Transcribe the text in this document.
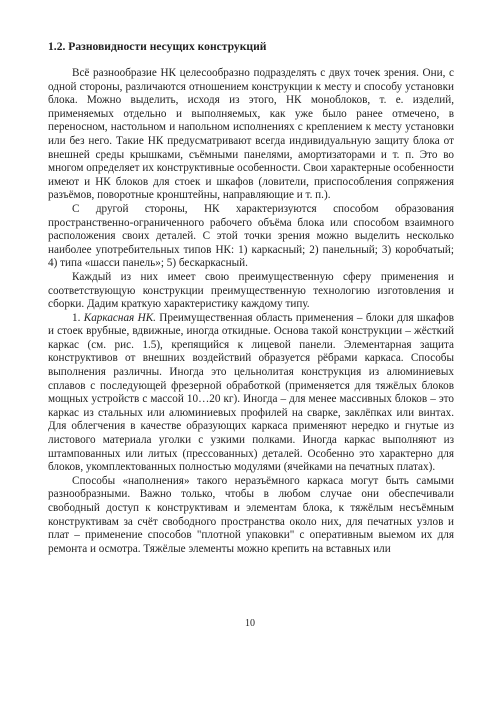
1.2. Разновидности несущих конструкций

Всё разнообразие НК целесообразно подразделять с двух точек зрения. Они, с одной стороны, различаются отношением конструкции к месту и способу установки блока. Можно выделить, исходя из этого, НК моноблоков, т. е. изделий, применяемых отдельно и выполняемых, как уже было ранее отмечено, в переносном, настольном и напольном исполнениях с креплением к месту установки или без него. Такие НК предусматривают всегда индивидуальную защиту блока от внешней среды крышками, съёмными панелями, амортизаторами и т. п. Это во многом определяет их конструктивные особенности. Свои характерные особенности имеют и НК блоков для стоек и шкафов (ловители, приспособления сопряжения разъёмов, поворотные кронштейны, направляющие и т. п.).

С другой стороны, НК характеризуются способом образования пространственно-ограниченного рабочего объёма блока или способом взаимного расположения своих деталей. С этой точки зрения можно выделить несколько наиболее употребительных типов НК: 1) каркасный; 2) панельный; 3) коробчатый; 4) типа «шасси панель»; 5) бескаркасный.

Каждый из них имеет свою преимущественную сферу применения и соответствующую конструкции преимущественную технологию изготовления и сборки. Дадим краткую характеристику каждому типу.

1. Каркасная НК. Преимущественная область применения – блоки для шкафов и стоек врубные, вдвижные, иногда откидные. Основа такой конструкции – жёсткий каркас (см. рис. 1.5), крепящийся к лицевой панели. Элементарная защита конструктивов от внешних воздействий образуется рёбрами каркаса. Способы выполнения различны. Иногда это цельнолитая конструкция из алюминиевых сплавов с последующей фрезерной обработкой (применяется для тяжёлых блоков мощных устройств с массой 10…20 кг). Иногда – для менее массивных блоков – это каркас из стальных или алюминиевых профилей на сварке, заклёпках или винтах. Для облегчения в качестве образующих каркаса применяют нередко и гнутые из листового материала уголки с узкими полками. Иногда каркас выполняют из штампованных или литых (прессованных) деталей. Особенно это характерно для блоков, укомплектованных полностью модулями (ячейками на печатных платах).

Способы «наполнения» такого неразъёмного каркаса могут быть самыми разнообразными. Важно только, чтобы в любом случае они обеспечивали свободный доступ к конструктивам и элементам блока, к тяжёлым несъёмным конструктивам за счёт свободного пространства около них, для печатных узлов и плат – применение способов "плотной упаковки" с оперативным выемом их для ремонта и осмотра. Тяжёлые элементы можно крепить на вставных или

10
